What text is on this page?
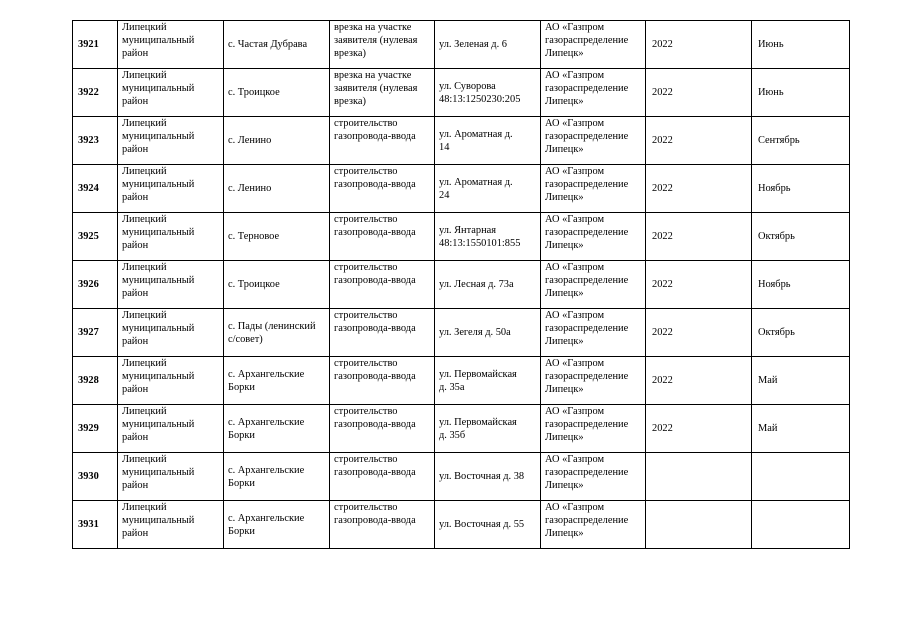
3921	Липецкий
муниципальный
район	с. Частая Дубрава	врезка на участке
заявителя (нулевая
врезка)	ул. Зеленая д. 6	АО «Газпром
газораспределение
Липецк»	2022	Июнь

3922	Липецкий
муниципальный
район	с. Троицкое	врезка на участке
заявителя (нулевая
врезка)	ул. Суворова
48:13:1250230:205	АО «Газпром
газораспределение
Липецк»	2022	Июнь

3923	Липецкий
муниципальный
район	с. Ленино	строительство
газопровода-ввода	ул. Ароматная д.
14	АО «Газпром
газораспределение
Липецк»	2022	Сентябрь

3924	Липецкий
муниципальный
район	с. Ленино	строительство
газопровода-ввода	ул. Ароматная д.
24	АО «Газпром
газораспределение
Липецк»	2022	Ноябрь

3925	Липецкий
муниципальный
район	с. Терновое	строительство
газопровода-ввода	ул. Янтарная
48:13:1550101:855	АО «Газпром
газораспределение
Липецк»	2022	Октябрь

3926	Липецкий
муниципальный
район	с. Троицкое	строительство
газопровода-ввода	ул. Лесная д. 73а	АО «Газпром
газораспределение
Липецк»	2022	Ноябрь

3927	Липецкий
муниципальный
район	с. Пады (ленинский
с/совет)	строительство
газопровода-ввода	ул. Зегеля д. 50а	АО «Газпром
газораспределение
Липецк»	2022	Октябрь

3928	Липецкий
муниципальный
район	с. Архангельские
Борки	строительство
газопровода-ввода	ул. Первомайская
д. 35а	АО «Газпром
газораспределение
Липецк»	2022	Май

3929	Липецкий
муниципальный
район	с. Архангельские
Борки	строительство
газопровода-ввода	ул. Первомайская
д. 35б	АО «Газпром
газораспределение
Липецк»	2022	Май

3930	Липецкий
муниципальный
район	с. Архангельские
Борки	строительство
газопровода-ввода	ул. Восточная д. 38	АО «Газпром
газораспределение
Липецк»		

3931	Липецкий
муниципальный
район	с. Архангельские
Борки	строительство
газопровода-ввода	ул. Восточная д. 55	АО «Газпром
газораспределение
Липецк»		
